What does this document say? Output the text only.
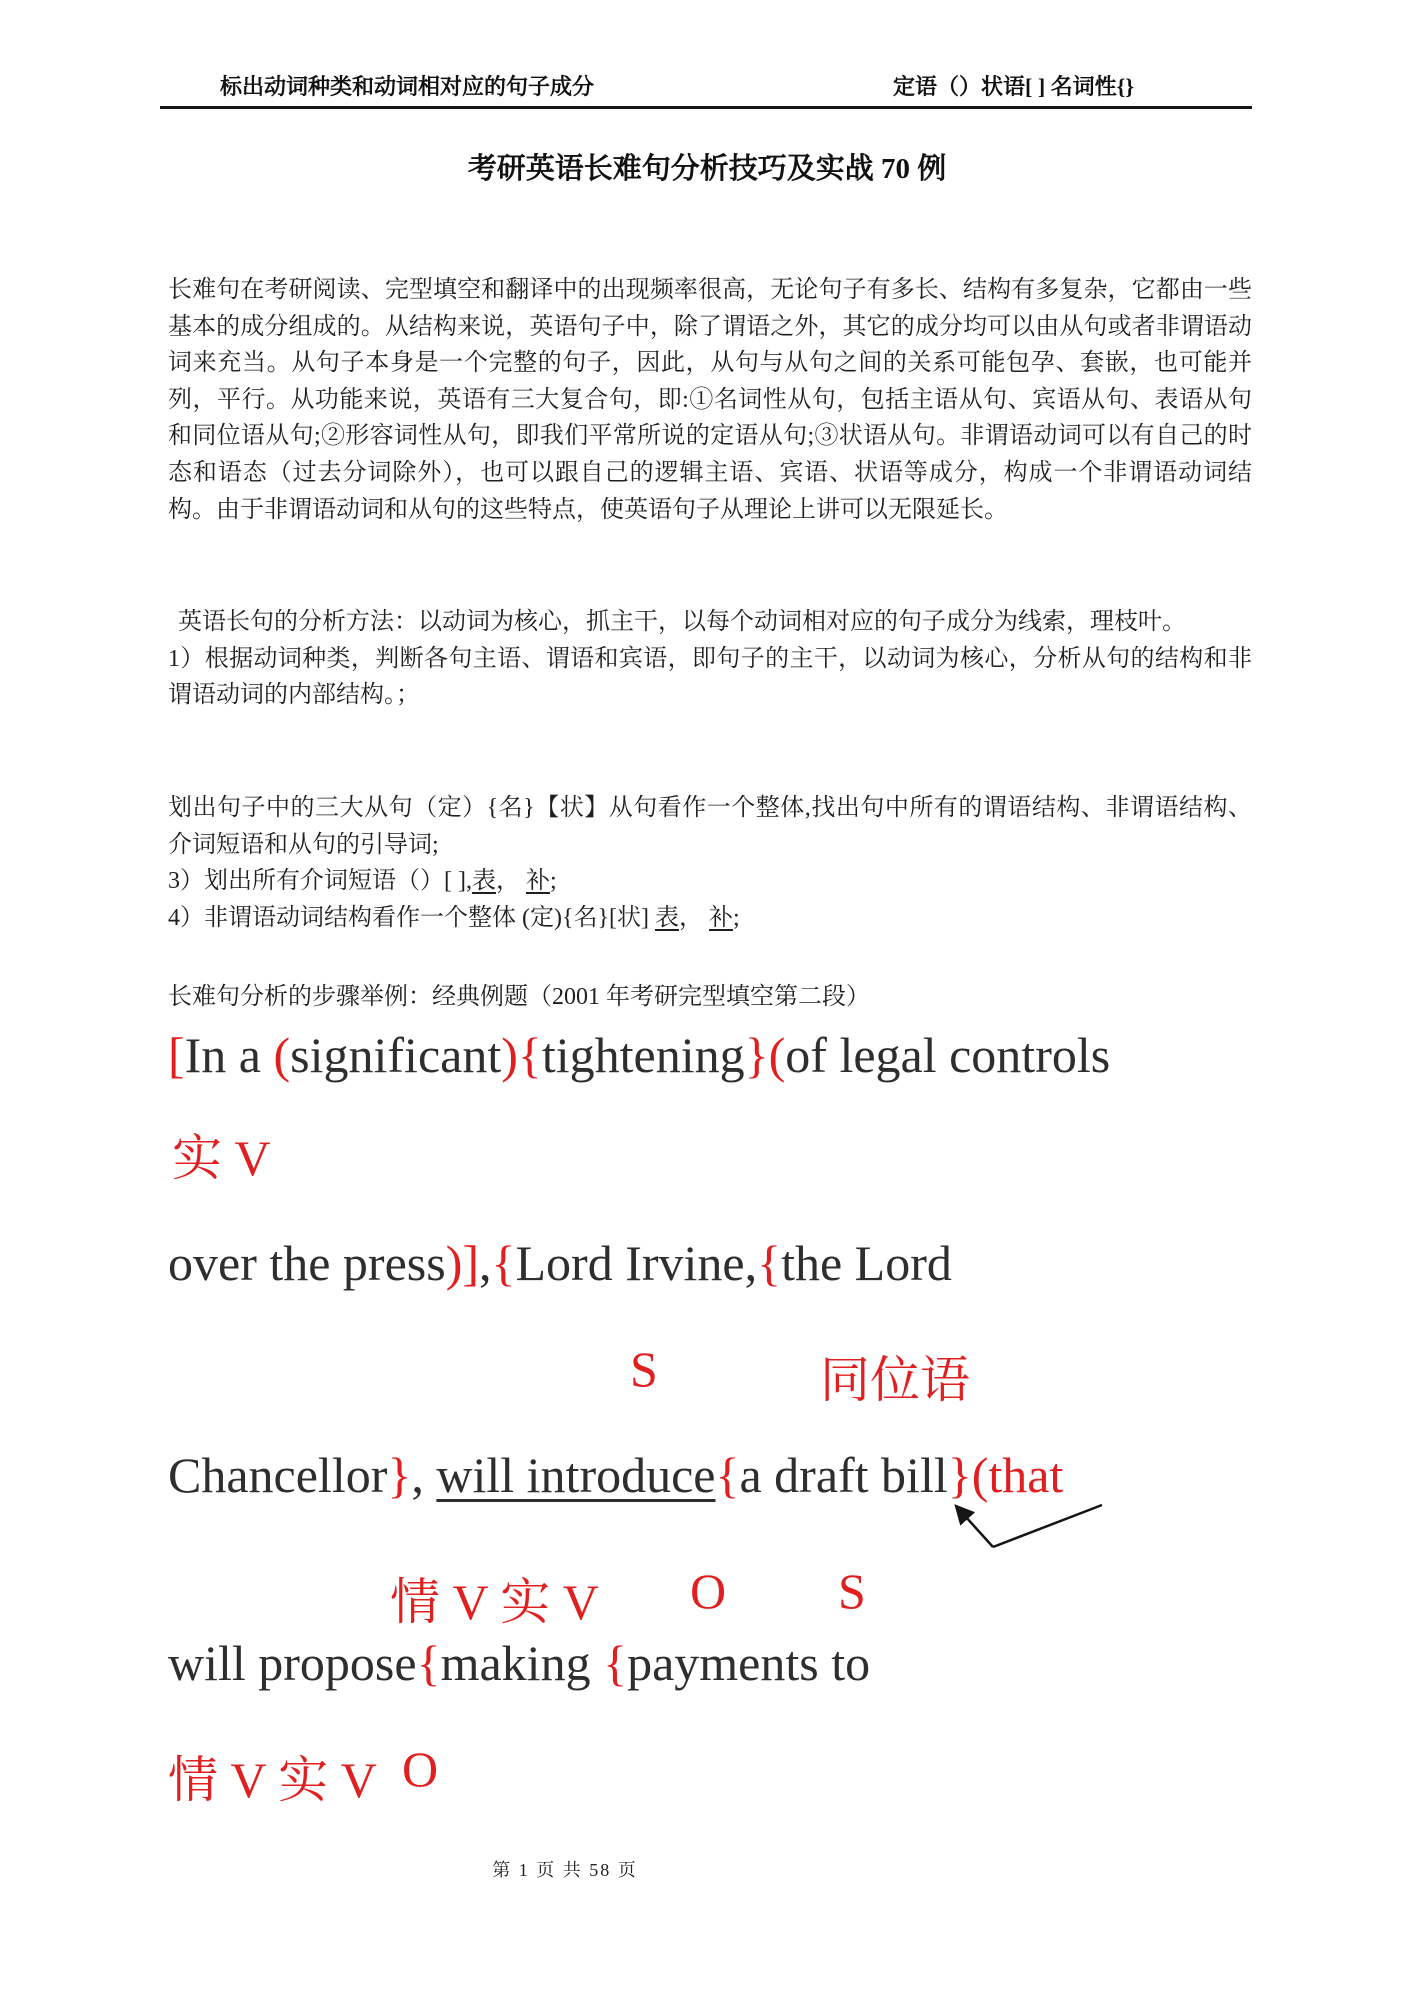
标出动词种类和动词相对应的句子成分	定语（）状语[ ] 名词性{}
考研英语长难句分析技巧及实战 70 例
长难句在考研阅读、完型填空和翻译中的出现频率很高，无论句子有多长、结构有多复杂，它都由一些基本的成分组成的。从结构来说，英语句子中，除了谓语之外，其它的成分均可以由从句或者非谓语动词来充当。从句子本身是一个完整的句子，因此，从句与从句之间的关系可能包孕、套嵌，也可能并列，平行。从功能来说，英语有三大复合句，即:①名词性从句，包括主语从句、宾语从句、表语从句和同位语从句;②形容词性从句，即我们平常所说的定语从句;③状语从句。非谓语动词可以有自己的时态和语态（过去分词除外），也可以跟自己的逻辑主语、宾语、状语等成分，构成一个非谓语动词结构。由于非谓语动词和从句的这些特点，使英语句子从理论上讲可以无限延长。
英语长句的分析方法：以动词为核心，抓主干，以每个动词相对应的句子成分为线索，理枝叶。
1）根据动词种类，判断各句主语、谓语和宾语，即句子的主干，以动词为核心，分析从句的结构和非谓语动词的内部结构。；
划出句子中的三大从句（定）{名}【状】从句看作一个整体,找出句中所有的谓语结构、非谓语结构、介词短语和从句的引导词;
3）划出所有介词短语（）[ ],表， 补;
4）非谓语动词结构看作一个整体 (定){名}[状] 表， 补;
长难句分析的步骤举例：经典例题（2001 年考研完型填空第二段）
[In a (significant){tightening}(of legal controls
实 V
over the press)],{Lord Irvine,{the Lord
S	同位语
Chancellor}, will introduce{a draft bill}(that
情 V 实 V O S
will propose{making {payments to
情 V 实 V O
第 1 页 共 58 页
